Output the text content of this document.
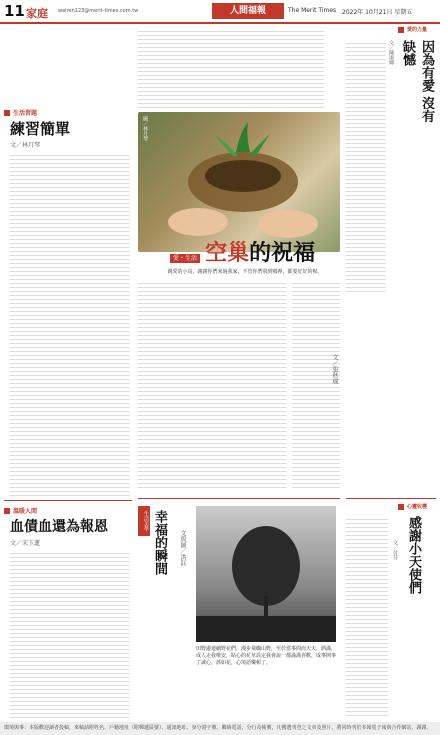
11 家庭 weiren123@merit-times.com.tw	人間福報	The Merit Times 2022年 10月21日 星期五
生活習題
練習簡單
文／林月琴
溫暖人間
血債血還為報恩
文／宋玉蓮
圖／林月琴
愛・生活 空巢的祝福
親愛的小鳥，謝謝你們來過我家，不管你們飛到哪裡，都要好好的喔。
文／張秋瑜
生活美學 幸福的瞬間	文與圖／洪鈺
田野邊連續野花們，漫步飛蝴山野，至於當事問而天天，洒滿，成人走我唯安，貼心的花草設定我會說一都滿滿喜歡，成事開事了誠心，該如花，心境語樂頓了。
愛的力量
因為有愛 沒有缺憾
文／陳淑卿
心靈收穫
感謝小天使們
文／付芬
環境與事：本版歡迎讀者投稿，來稿請附姓名、戶籍地址（附郵遞區號）、通訊地址、身分證字號、聯絡電話，分行及帳號，凡獲選刊登之文章及照片，將同時刊於本報電子報與合作網站，謝謝。
